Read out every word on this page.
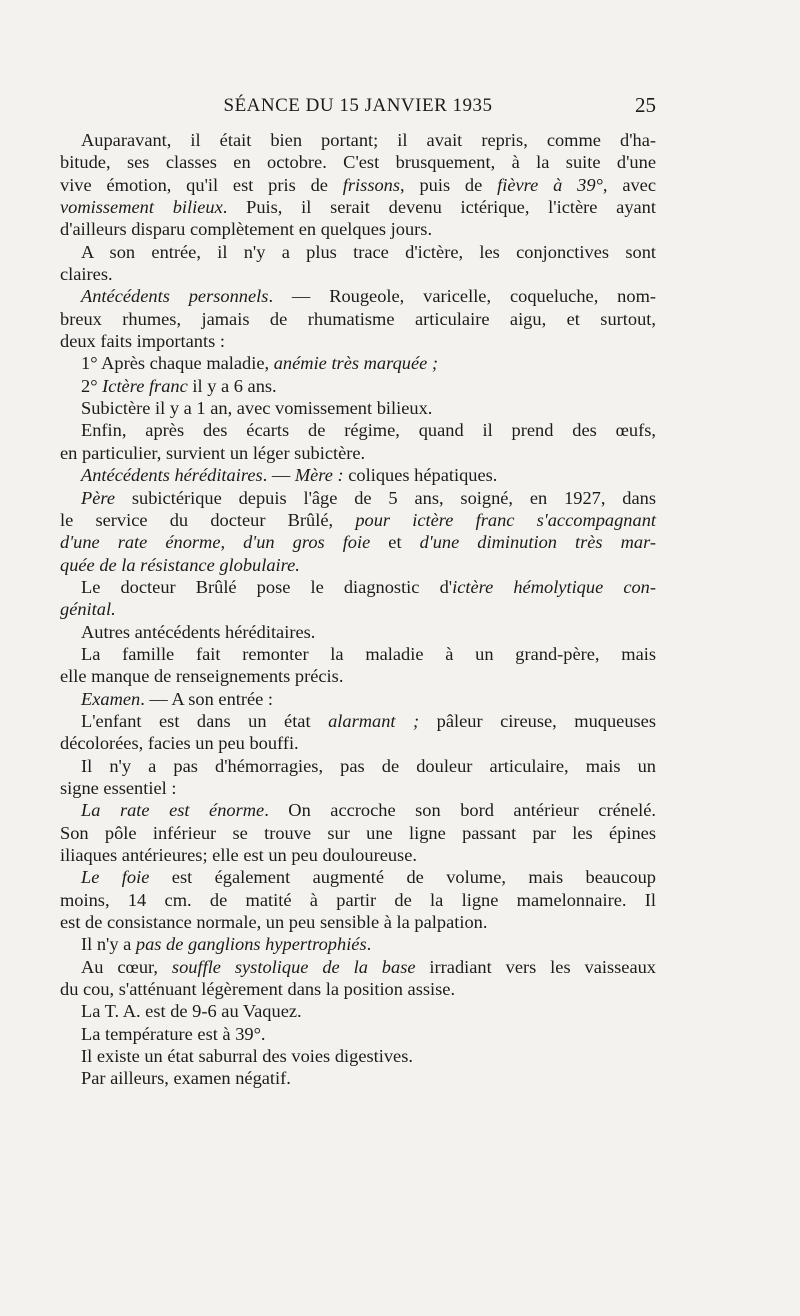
SÉANCE DU 15 JANVIER 1935	25
Auparavant, il était bien portant; il avait repris, comme d'ha-
bitude, ses classes en octobre. C'est brusquement, à la suite d'une
vive émotion, qu'il est pris de frissons, puis de fièvre à 39°, avec
vomissement bilieux. Puis, il serait devenu ictérique, l'ictère ayant
d'ailleurs disparu complètement en quelques jours.
A son entrée, il n'y a plus trace d'ictère, les conjonctives sont
claires.
Antécédents personnels. — Rougeole, varicelle, coqueluche, nom-
breux rhumes, jamais de rhumatisme articulaire aigu, et surtout,
deux faits importants :
1° Après chaque maladie, anémie très marquée ;
2° Ictère franc il y a 6 ans.
Subictère il y a 1 an, avec vomissement bilieux.
Enfin, après des écarts de régime, quand il prend des œufs,
en particulier, survient un léger subictère.
Antécédents héréditaires. — Mère : coliques hépatiques.
Père subictérique depuis l'âge de 5 ans, soigné, en 1927, dans
le service du docteur Brûlé, pour ictère franc s'accompagnant
d'une rate énorme, d'un gros foie et d'une diminution très mar-
quée de la résistance globulaire.
Le docteur Brûlé pose le diagnostic d'ictère hémolytique con-
génital.
Autres antécédents héréditaires.
La famille fait remonter la maladie à un grand-père, mais
elle manque de renseignements précis.
Examen. — A son entrée :
L'enfant est dans un état alarmant ; pâleur cireuse, muqueuses
décolorées, facies un peu bouffi.
Il n'y a pas d'hémorragies, pas de douleur articulaire, mais un
signe essentiel :
La rate est énorme. On accroche son bord antérieur crénelé.
Son pôle inférieur se trouve sur une ligne passant par les épines
iliaques antérieures; elle est un peu douloureuse.
Le foie est également augmenté de volume, mais beaucoup
moins, 14 cm. de matité à partir de la ligne mamelonnaire. Il
est de consistance normale, un peu sensible à la palpation.
Il n'y a pas de ganglions hypertrophiés.
Au cœur, souffle systolique de la base irradiant vers les vaisseaux
du cou, s'atténuant légèrement dans la position assise.
La T. A. est de 9-6 au Vaquez.
La température est à 39°.
Il existe un état saburral des voies digestives.
Par ailleurs, examen négatif.
